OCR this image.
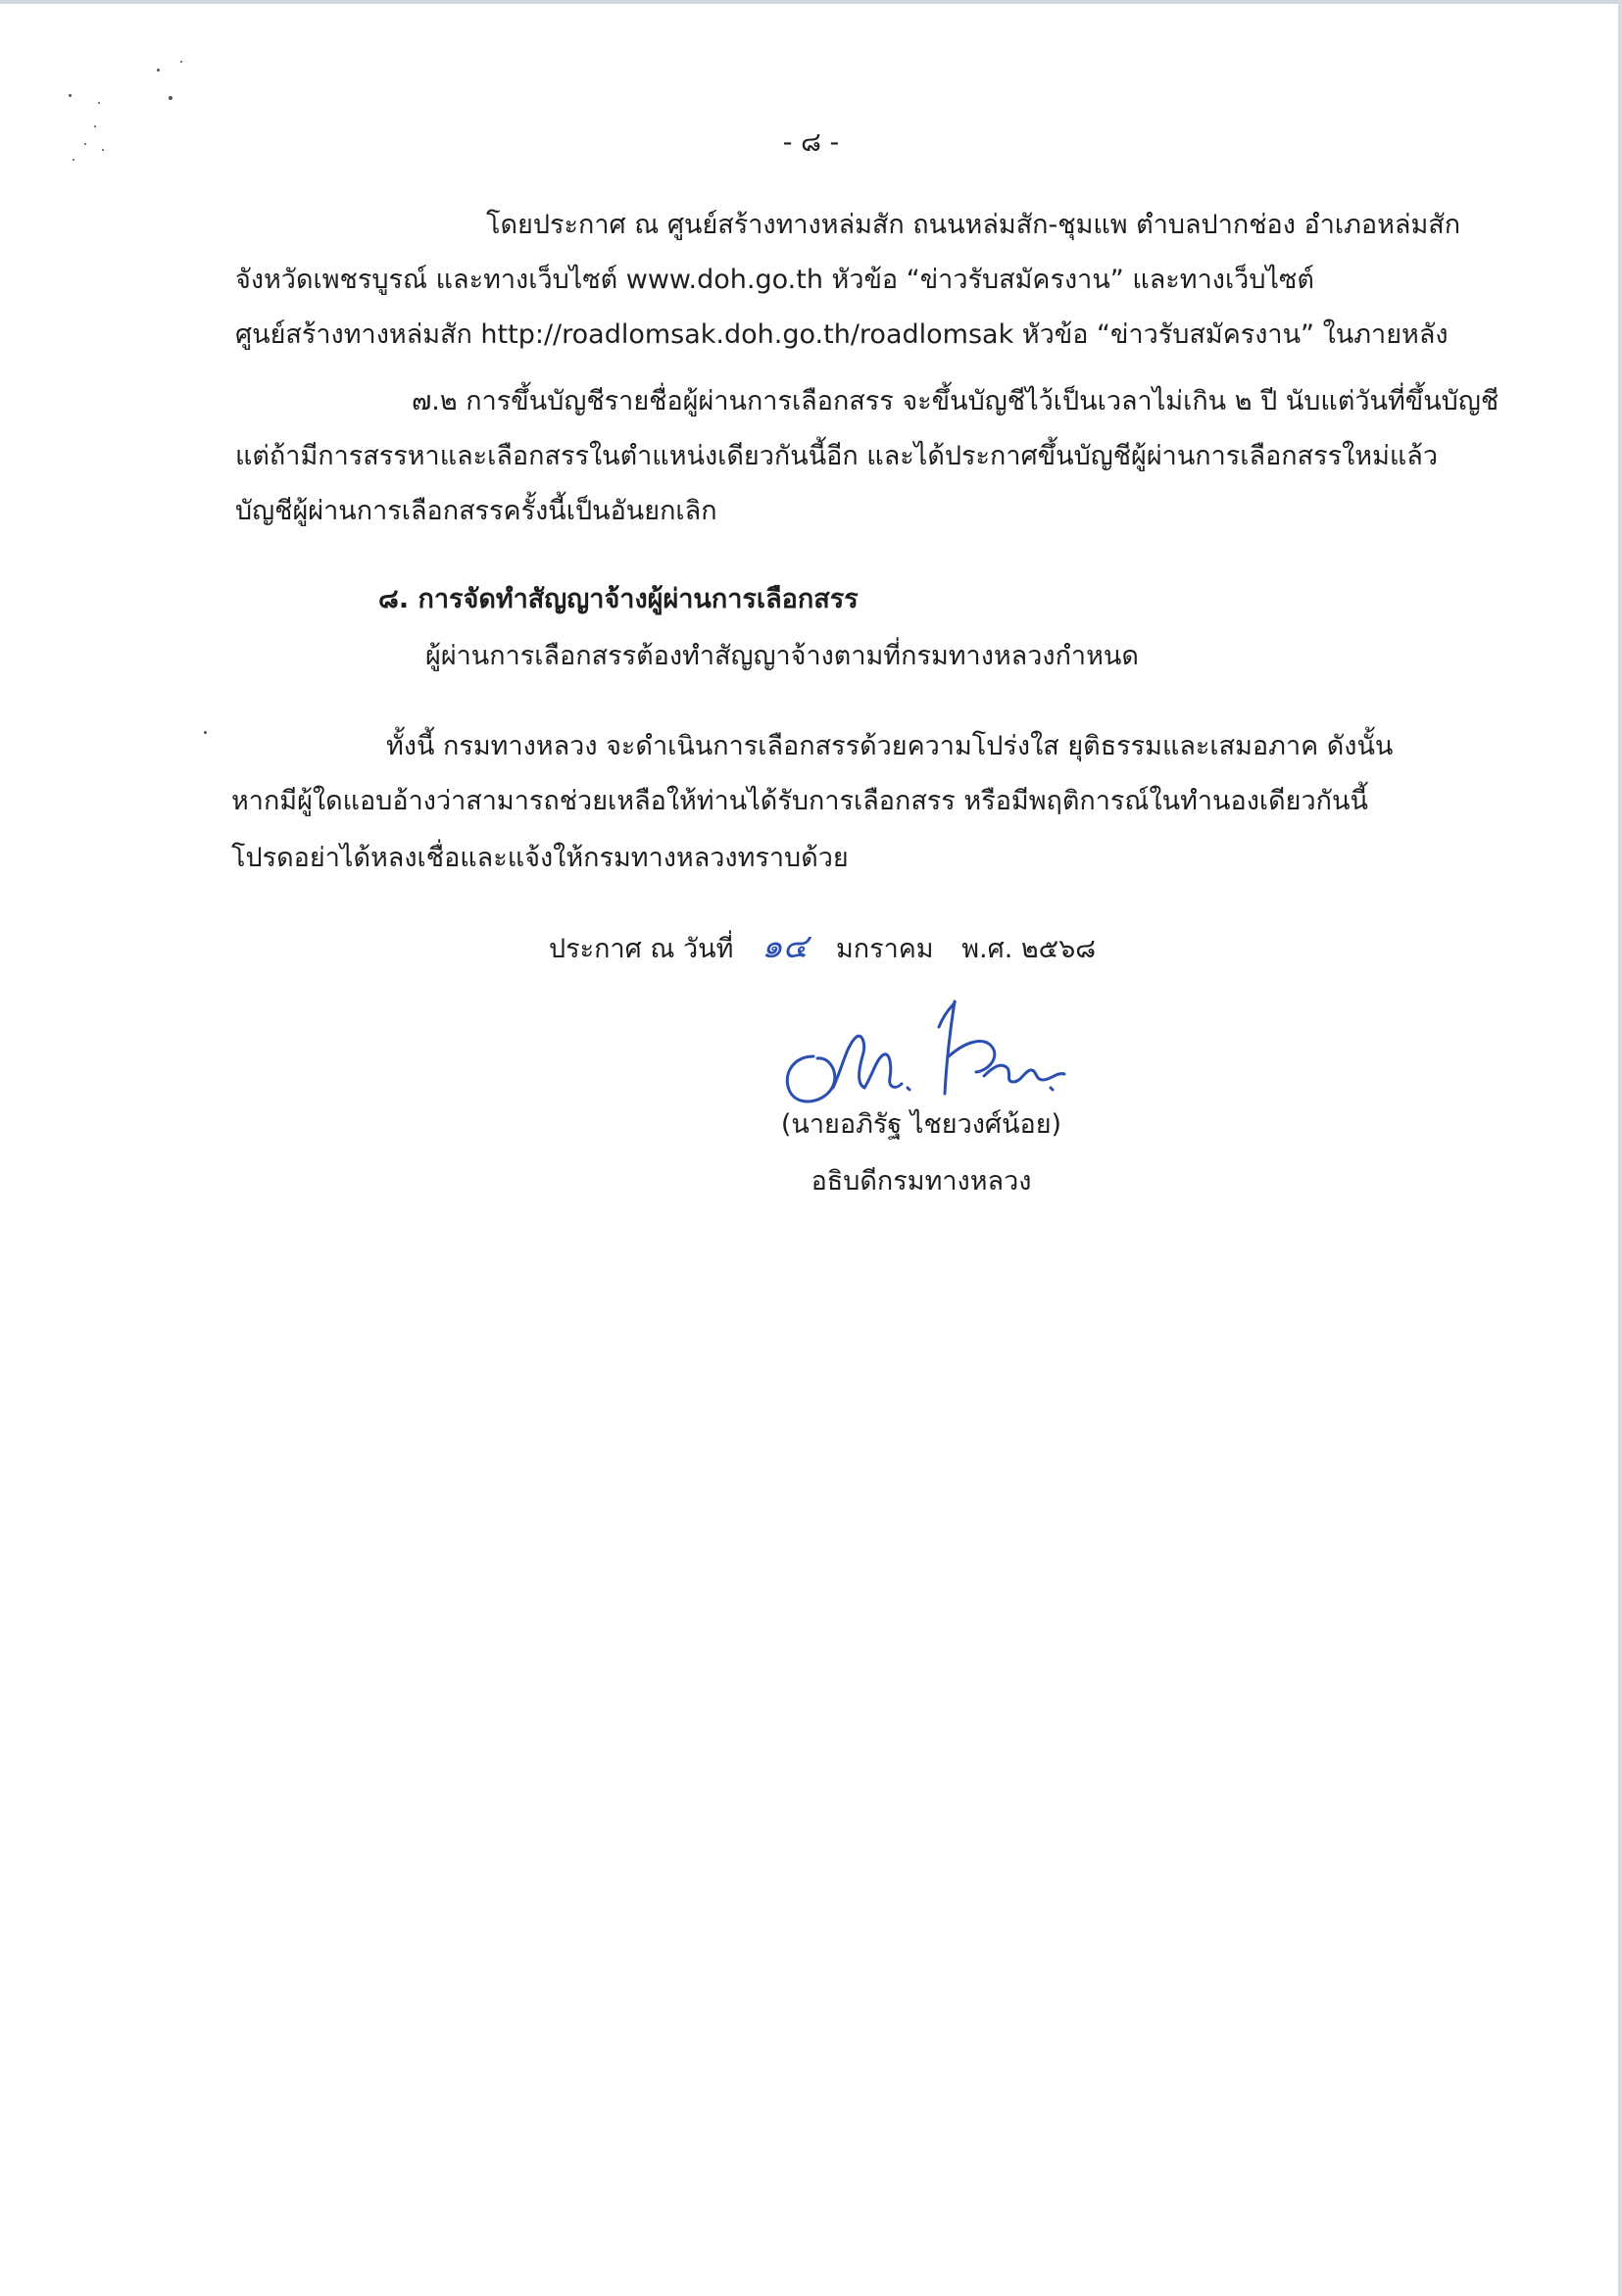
- ๘ -
โดยประกาศ ณ ศูนย์สร้างทางหล่มสัก ถนนหล่มสัก-ชุมแพ ตำบลปากช่อง อำเภอหล่มสัก
จังหวัดเพชรบูรณ์ และทางเว็บไซต์ www.doh.go.th หัวข้อ “ข่าวรับสมัครงาน” และทางเว็บไซต์
ศูนย์สร้างทางหล่มสัก http://roadlomsak.doh.go.th/roadlomsak หัวข้อ “ข่าวรับสมัครงาน” ในภายหลัง
๗.๒ การขึ้นบัญชีรายชื่อผู้ผ่านการเลือกสรร จะขึ้นบัญชีไว้เป็นเวลาไม่เกิน ๒ ปี นับแต่วันที่ขึ้นบัญชี
แต่ถ้ามีการสรรหาและเลือกสรรในตำแหน่งเดียวกันนี้อีก และได้ประกาศขึ้นบัญชีผู้ผ่านการเลือกสรรใหม่แล้ว
บัญชีผู้ผ่านการเลือกสรรครั้งนี้เป็นอันยกเลิก
๘. การจัดทำสัญญาจ้างผู้ผ่านการเลือกสรร
ผู้ผ่านการเลือกสรรต้องทำสัญญาจ้างตามที่กรมทางหลวงกำหนด
ทั้งนี้ กรมทางหลวง จะดำเนินการเลือกสรรด้วยความโปร่งใส ยุติธรรมและเสมอภาค ดังนั้น
หากมีผู้ใดแอบอ้างว่าสามารถช่วยเหลือให้ท่านได้รับการเลือกสรร หรือมีพฤติการณ์ในทำนองเดียวกันนี้
โปรดอย่าได้หลงเชื่อและแจ้งให้กรมทางหลวงทราบด้วย
ประกาศ ณ วันที่ ๑๔ มกราคม พ.ศ. ๒๕๖๘
(นายอภิรัฐ ไชยวงศ์น้อย)
อธิบดีกรมทางหลวง
